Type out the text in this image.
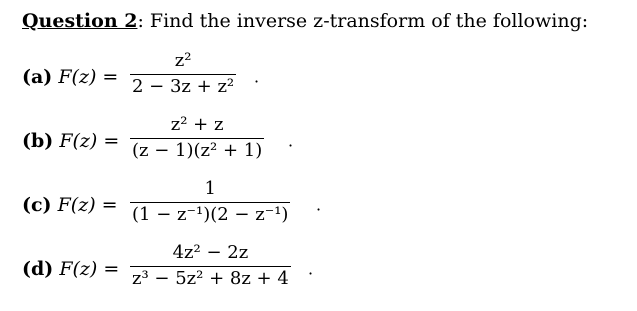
Question 2: Find the inverse z-transform of the following:
(a) F(z) =
z²
2 − 3z + z² ·
(b) F(z) =
z² + z
(z − 1)(z² + 1) ·
(c) F(z) =
1
(1 − z⁻¹)(2 − z⁻¹) ·
(d) F(z) =
4z² − 2z
z³ − 5z² + 8z + 4 ·
